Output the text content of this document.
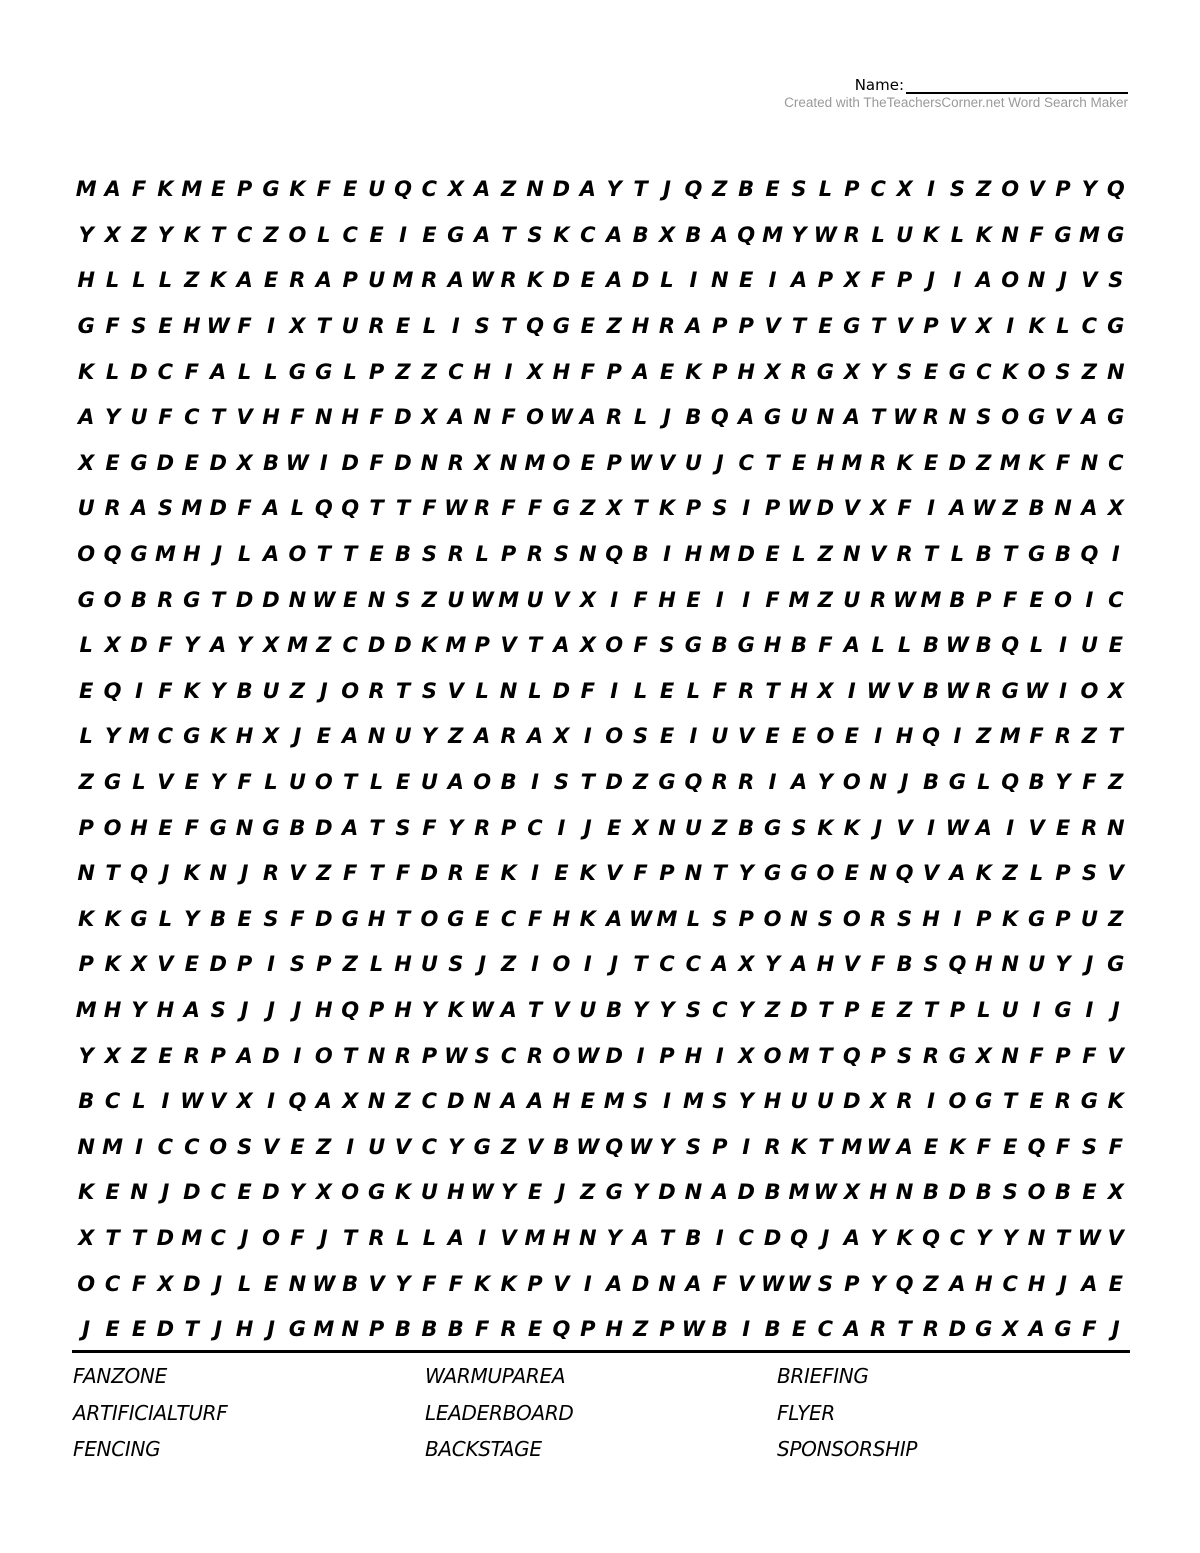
Name:
Created with TheTeachersCorner.net Word Search Maker
M A F K M E P G K F E U Q C X A Z N D A Y T J Q Z B E S L P C X I S Z O V P Y Q
Y X Z Y K T C Z O L C E I E G A T S K C A B X B A Q M Y W R L U K L K N F G M G
H L L L Z K A E R A P U M R A W R K D E A D L I N E I A P X F P J I A O N J V S
G F S E H W F I X T U R E L I S T Q G E Z H R A P P V T E G T V P V X I K L C G
K L D C F A L L G G L P Z Z C H I X H F P A E K P H X R G X Y S E G C K O S Z N
A Y U F C T V H F N H F D X A N F O W A R L J B Q A G U N A T W R N S O G V A G
X E G D E D X B W I D F D N R X N M O E P W V U J C T E H M R K E D Z M K F N C
U R A S M D F A L Q Q T T F W R F F G Z X T K P S I P W D V X F I A W Z B N A X
O Q G M H J L A O T T E B S R L P R S N Q B I H M D E L Z N V R T L B T G B Q I
G O B R G T D D N W E N S Z U W M U V X I F H E I I F M Z U R W M B P F E O I C
L X D F Y A Y X M Z C D D K M P V T A X O F S G B G H B F A L L B W B Q L I U E
E Q I F K Y B U Z J O R T S V L N L D F I L E L F R T H X I W V B W R G W I O X
L Y M C G K H X J E A N U Y Z A R A X I O S E I U V E E O E I H Q I Z M F R Z T
Z G L V E Y F L U O T L E U A O B I S T D Z G Q R R I A Y O N J B G L Q B Y F Z
P O H E F G N G B D A T S F Y R P C I J E X N U Z B G S K K J V I W A I V E R N
N T Q J K N J R V Z F T F D R E K I E K V F P N T Y G G O E N Q V A K Z L P S V
K K G L Y B E S F D G H T O G E C F H K A W M L S P O N S O R S H I P K G P U Z
P K X V E D P I S P Z L H U S J Z I O I J T C C A X Y A H V F B S Q H N U Y J G
M H Y H A S J J J H Q P H Y K W A T V U B Y Y S C Y Z D T P E Z T P L U I G I J
Y X Z E R P A D I O T N R P W S C R O W D I P H I X O M T Q P S R G X N F P F V
B C L I W V X I Q A X N Z C D N A A H E M S I M S Y H U U D X R I O G T E R G K
N M I C C O S V E Z I U V C Y G Z V B W Q W Y S P I R K T M W A E K F E Q F S F
K E N J D C E D Y X O G K U H W Y E J Z G Y D N A D B M W X H N B D B S O B E X
X T T D M C J O F J T R L L A I V M H N Y A T B I C D Q J A Y K Q C Y Y N T W V
O C F X D J L E N W B V Y F F K K P V I A D N A F V W W S P Y Q Z A H C H J A E
J E E D T J H J G M N P B B B F R E Q P H Z P W B I B E C A R T R D G X A G F J
FANZONE	WARMUPAREA	BRIEFING
ARTIFICIALTURF	LEADERBOARD	FLYER
FENCING	BACKSTAGE	SPONSORSHIP
